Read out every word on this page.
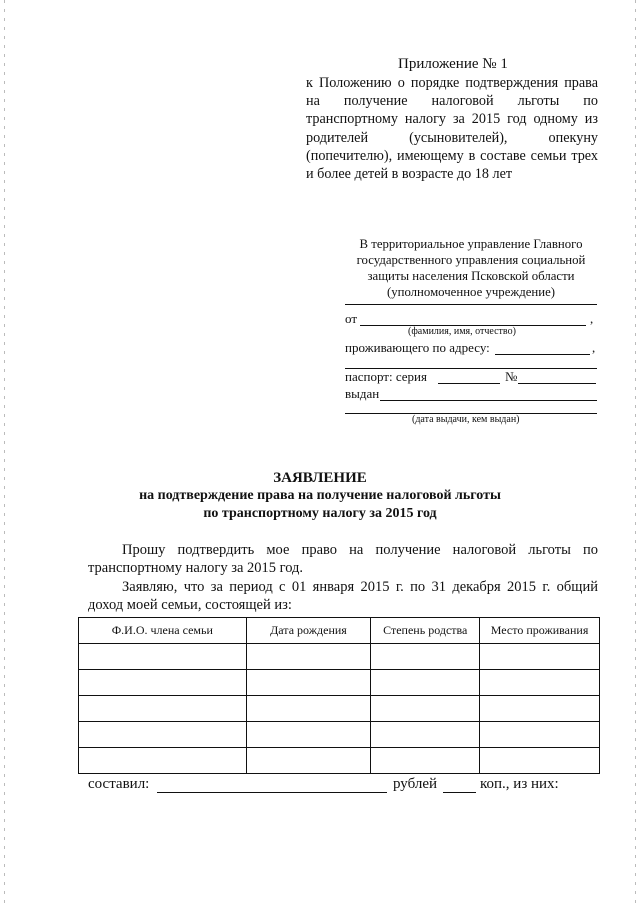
Приложение № 1
к Положению о порядке подтверждения права на получение налоговой льготы по транспортному налогу за 2015 год одному из родителей (усыновителей), опекуну (попечителю), имеющему в составе семьи трех и более детей в возрасте до 18 лет
В территориальное управление Главного государственного управления социальной защиты населения Псковской области (уполномоченное учреждение)
от	,
(фамилия, имя, отчество)
проживающего по адресу:	,
паспорт: серия	№
выдан
(дата выдачи, кем выдан)
ЗАЯВЛЕНИЕ
на подтверждение права на получение налоговой льготы
по транспортному налогу за 2015 год
Прошу подтвердить мое право на получение налоговой льготы по транспортному налогу за 2015 год.
Заявляю, что за период с 01 января 2015 г. по 31 декабря 2015 г. общий доход моей семьи, состоящей из:
Ф.И.О. члена семьи	Дата рождения	Степень родства	Место проживания

составил:	рублей	коп., из них:
